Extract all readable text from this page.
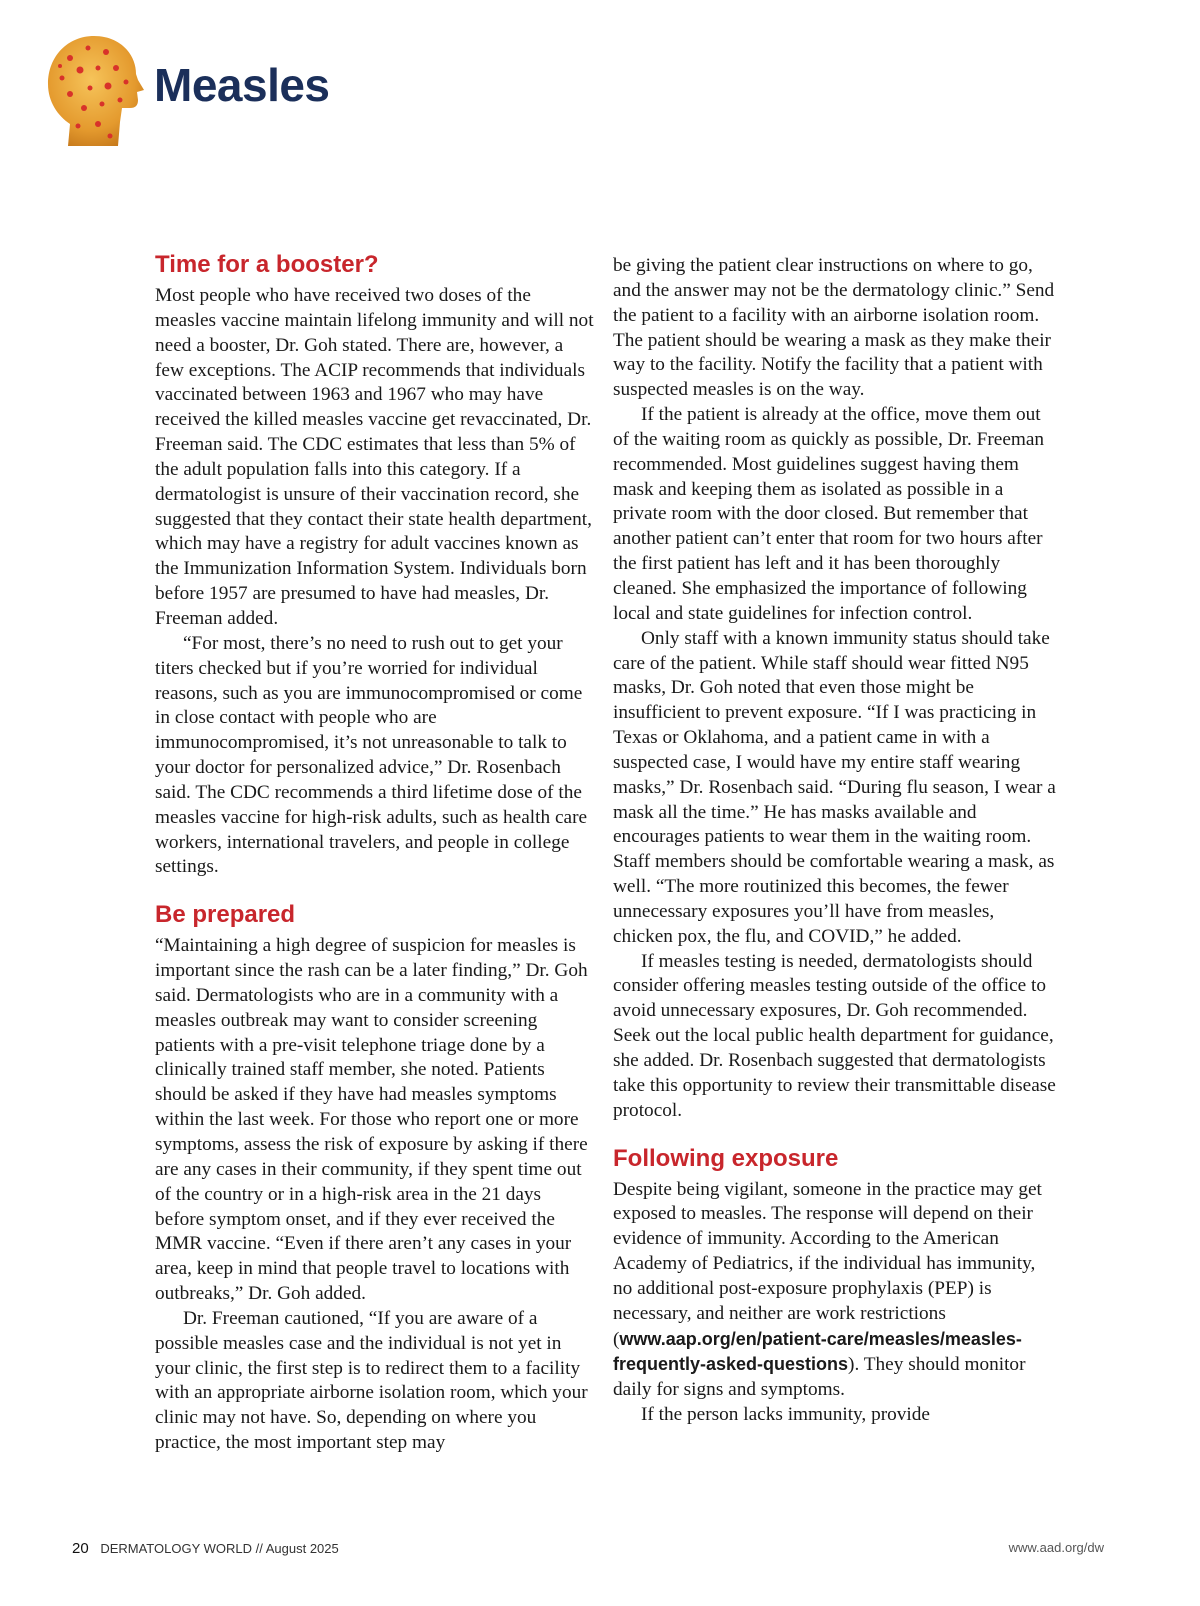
Measles
Time for a booster?

Most people who have received two doses of the measles vaccine maintain lifelong immunity and will not need a booster, Dr. Goh stated. There are, however, a few exceptions. The ACIP recommends that individuals vaccinated between 1963 and 1967 who may have received the killed measles vaccine get revaccinated, Dr. Freeman said. The CDC estimates that less than 5% of the adult population falls into this category. If a dermatologist is unsure of their vaccination record, she suggested that they contact their state health department, which may have a registry for adult vaccines known as the Immunization Information System. Individuals born before 1957 are presumed to have had measles, Dr. Freeman added.

“For most, there’s no need to rush out to get your titers checked but if you’re worried for individual reasons, such as you are immunocompromised or come in close contact with people who are immunocompromised, it’s not unreasonable to talk to your doctor for personalized advice,” Dr. Rosenbach said. The CDC recommends a third lifetime dose of the measles vaccine for high-risk adults, such as health care workers, international travelers, and people in college settings.

Be prepared

“Maintaining a high degree of suspicion for measles is important since the rash can be a later finding,” Dr. Goh said. Dermatologists who are in a community with a measles outbreak may want to consider screening patients with a pre-visit telephone triage done by a clinically trained staff member, she noted. Patients should be asked if they have had measles symptoms within the last week. For those who report one or more symptoms, assess the risk of exposure by asking if there are any cases in their community, if they spent time out of the country or in a high-risk area in the 21 days before symptom onset, and if they ever received the MMR vaccine. “Even if there aren’t any cases in your area, keep in mind that people travel to locations with outbreaks,” Dr. Goh added.

Dr. Freeman cautioned, “If you are aware of a possible measles case and the individual is not yet in your clinic, the first step is to redirect them to a facility with an appropriate airborne isolation room, which your clinic may not have. So, depending on where you practice, the most important step may

be giving the patient clear instructions on where to go, and the answer may not be the dermatology clinic.” Send the patient to a facility with an airborne isolation room. The patient should be wearing a mask as they make their way to the facility. Notify the facility that a patient with suspected measles is on the way.

If the patient is already at the office, move them out of the waiting room as quickly as possible, Dr. Freeman recommended. Most guidelines suggest having them mask and keeping them as isolated as possible in a private room with the door closed. But remember that another patient can’t enter that room for two hours after the first patient has left and it has been thoroughly cleaned. She emphasized the importance of following local and state guidelines for infection control.

Only staff with a known immunity status should take care of the patient. While staff should wear fitted N95 masks, Dr. Goh noted that even those might be insufficient to prevent exposure. “If I was practicing in Texas or Oklahoma, and a patient came in with a suspected case, I would have my entire staff wearing masks,” Dr. Rosenbach said. “During flu season, I wear a mask all the time.” He has masks available and encourages patients to wear them in the waiting room. Staff members should be comfortable wearing a mask, as well. “The more routinized this becomes, the fewer unnecessary exposures you’ll have from measles, chicken pox, the flu, and COVID,” he added.

If measles testing is needed, dermatologists should consider offering measles testing outside of the office to avoid unnecessary exposures, Dr. Goh recommended. Seek out the local public health department for guidance, she added. Dr. Rosenbach suggested that dermatologists take this opportunity to review their transmittable disease protocol.

Following exposure

Despite being vigilant, someone in the practice may get exposed to measles. The response will depend on their evidence of immunity. According to the American Academy of Pediatrics, if the individual has immunity, no additional post-exposure prophylaxis (PEP) is necessary, and neither are work restrictions (www.aap.org/en/patient-care/measles/measles-frequently-asked-questions). They should monitor daily for signs and symptoms.

If the person lacks immunity, provide

20 DERMATOLOGY WORLD // August 2025	www.aad.org/dw
